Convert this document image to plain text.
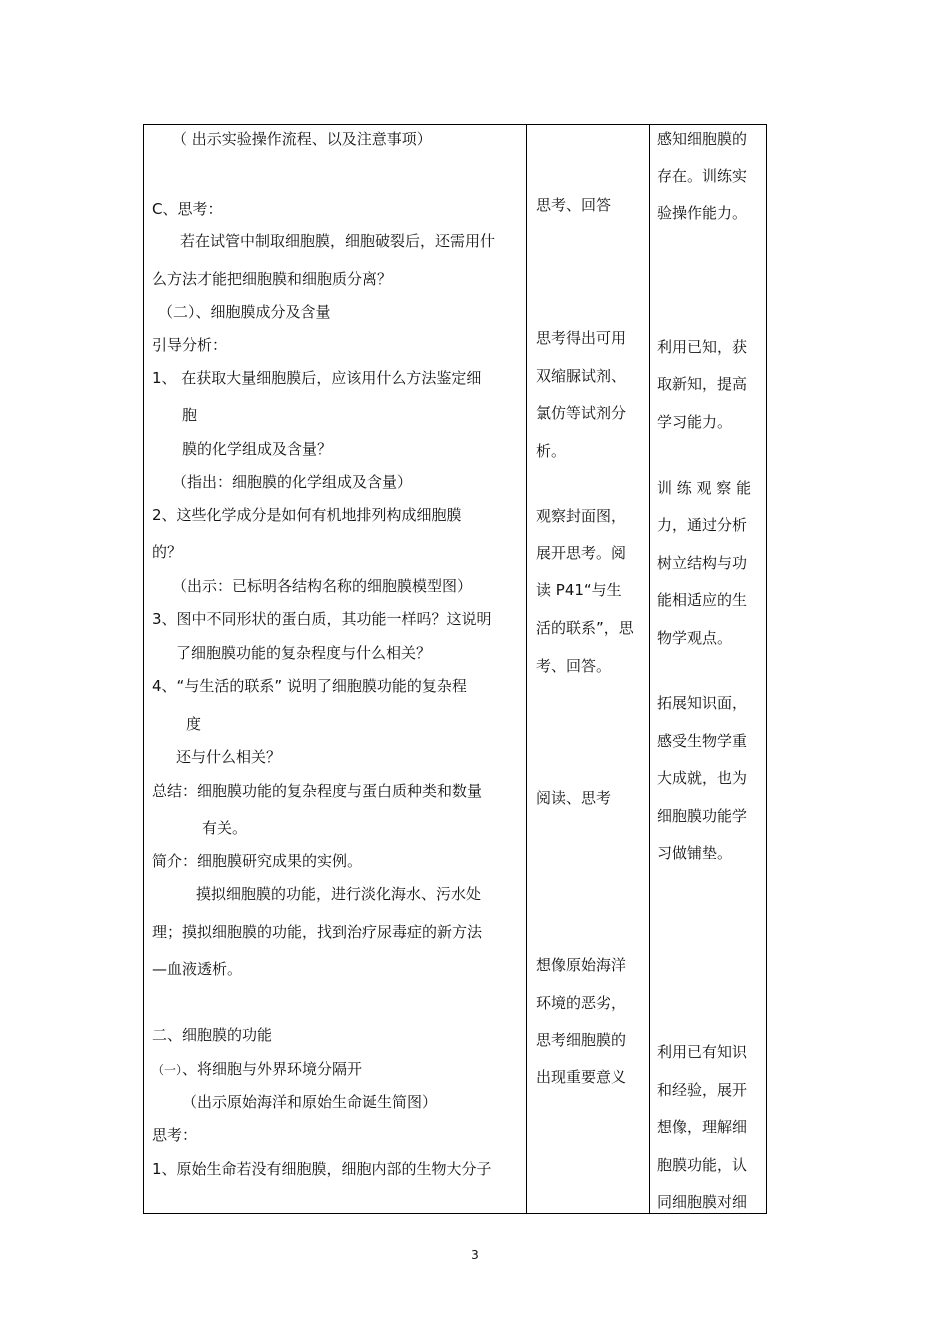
（ 出示实验操作流程、以及注意事项）
C、思考：
若在试管中制取细胞膜，细胞破裂后，还需用什
么方法才能把细胞膜和细胞质分离？
（二）、细胞膜成分及含量
引导分析：
1、 在获取大量细胞膜后，应该用什么方法鉴定细
胞
膜的化学组成及含量？
（指出：细胞膜的化学组成及含量）
2、这些化学成分是如何有机地排列构成细胞膜
的？
（出示：已标明各结构名称的细胞膜模型图）
3、图中不同形状的蛋白质，其功能一样吗？这说明
了细胞膜功能的复杂程度与什么相关？
4、“与生活的联系” 说明了细胞膜功能的复杂程
度
还与什么相关？
总结：细胞膜功能的复杂程度与蛋白质种类和数量
有关。
简介：细胞膜研究成果的实例。
摸拟细胞膜的功能，进行淡化海水、污水处
理；摸拟细胞膜的功能，找到治疗尿毒症的新方法
—血液透析。
二、细胞膜的功能
（一）、将细胞与外界环境分隔开
（出示原始海洋和原始生命诞生简图）
思考：
1、原始生命若没有细胞膜，细胞内部的生物大分子
思考、回答
思考得出可用
双缩脲试剂、
氯仿等试剂分
析。
观察封面图，
展开思考。阅
读 P41“与生
活的联系”，思
考、回答。
阅读、思考
想像原始海洋
环境的恶劣，
思考细胞膜的
出现重要意义
感知细胞膜的
存在。训练实
验操作能力。
利用已知，获
取新知，提高
学习能力。
训 练 观 察 能
力，通过分析
树立结构与功
能相适应的生
物学观点。
拓展知识面，
感受生物学重
大成就，也为
细胞膜功能学
习做铺垫。
利用已有知识
和经验，展开
想像，理解细
胞膜功能，认
同细胞膜对细
3
